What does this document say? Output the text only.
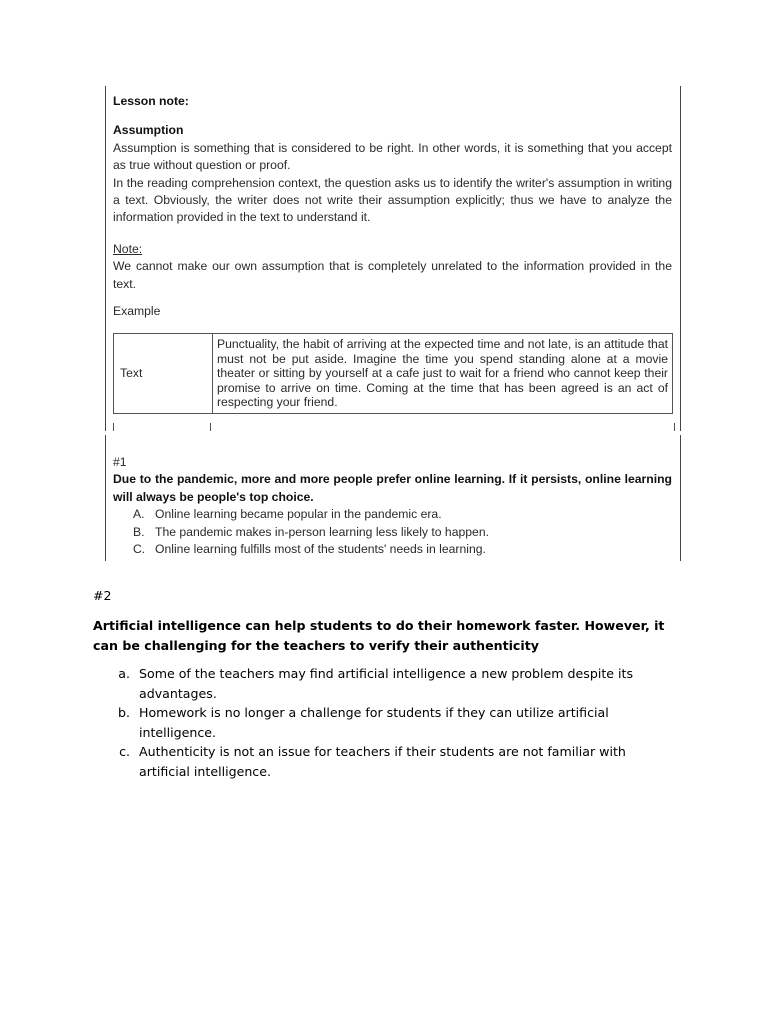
Lesson note:
Assumption

Assumption is something that is considered to be right. In other words, it is something that you accept as true without question or proof.

In the reading comprehension context, the question asks us to identify the writer's assumption in writing a text. Obviously, the writer does not write their assumption explicitly; thus we have to analyze the information provided in the text to understand it.

Note:

We cannot make our own assumption that is completely unrelated to the information provided in the text.

Example
Text	Punctuality, the habit of arriving at the expected time and not late, is an attitude that must not be put aside. Imagine the time you spend standing alone at a movie theater or sitting by yourself at a cafe just to wait for a friend who cannot keep their promise to arrive on time. Coming at the time that has been agreed is an act of respecting your friend.
#1

Due to the pandemic, more and more people prefer online learning. If it persists, online learning will always be people's top choice.

A. Online learning became popular in the pandemic era.
B. The pandemic makes in-person learning less likely to happen.
C. Online learning fulfills most of the students' needs in learning.
#2
Artificial intelligence can help students to do their homework faster. However, it can be challenging for the teachers to verify their authenticity
a. Some of the teachers may find artificial intelligence a new problem despite its advantages.
b. Homework is no longer a challenge for students if they can utilize artificial intelligence.
c. Authenticity is not an issue for teachers if their students are not familiar with artificial intelligence.
